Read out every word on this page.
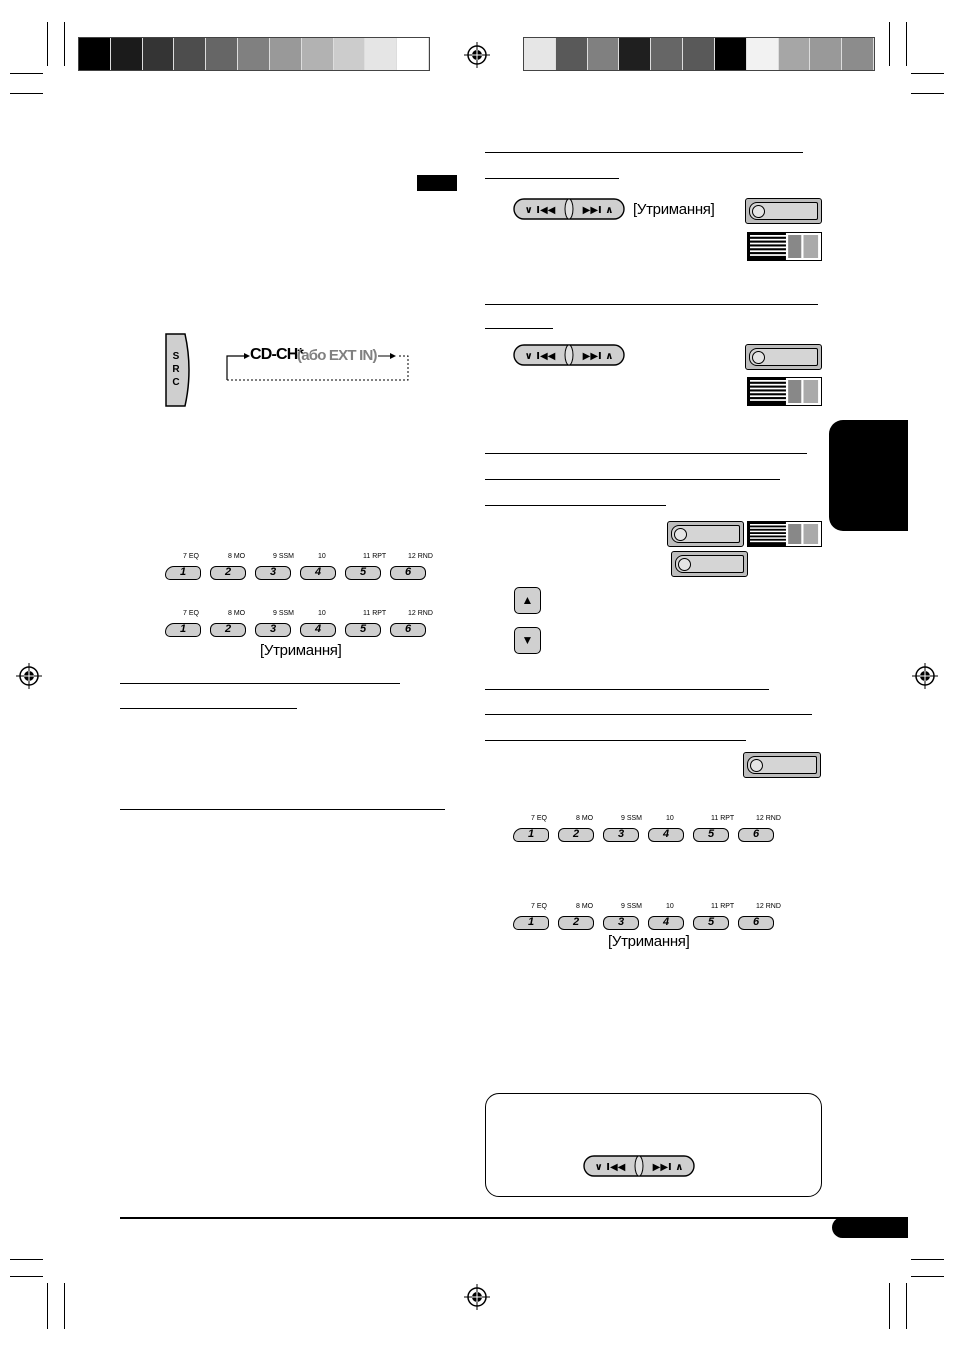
S
R
C
CD-CH*
(або EXT IN)
7 EQ
1
8 MO
2
9 SSM
3
10
4
11 RPT
5
12 RND
6
7 EQ
1
8 MO
2
9 SSM
3
10
4
11 RPT
5
12 RND
6
[Утримання]
∨ I◀◀	▶▶I ∧ [Утримання]
∨ I◀◀	▶▶I ∧
▲
▼
7 EQ
1
8 MO
2
9 SSM
3
10
4
11 RPT
5
12 RND
6
7 EQ
1
8 MO
2
9 SSM
3
10
4
11 RPT
5
12 RND
6
[Утримання]
∨ I◀◀	▶▶I ∧
